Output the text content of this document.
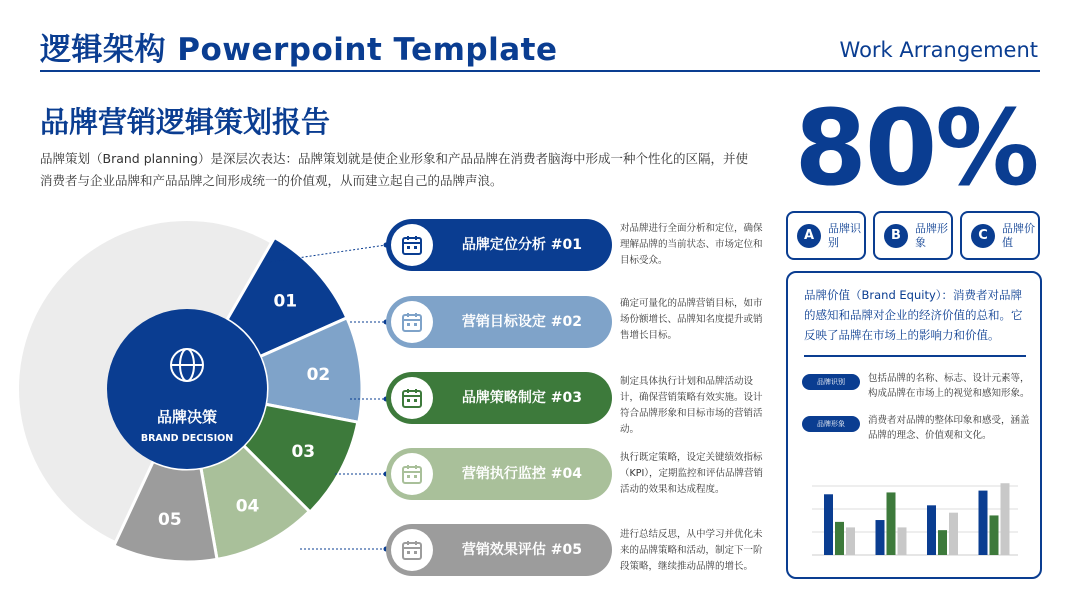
逻辑架构 Powerpoint Template	Work Arrangement
品牌营销逻辑策划报告

品牌策划（Brand planning）是深层次表达：品牌策划就是使企业形象和产品品牌在消费者脑海中形成一种个性化的区隔，并使消费者与企业品牌和产品品牌之间形成统一的价值观，从而建立起自己的品牌声浪。

01
02
03
04
05
品牌决策
BRAND DECISION
品牌定位分析 #01

对品牌进行全面分析和定位，确保理解品牌的当前状态、市场定位和目标受众。

营销目标设定 #02

确定可量化的品牌营销目标，如市场份额增长、品牌知名度提升或销售增长目标。

品牌策略制定 #03

制定具体执行计划和品牌活动设计，确保营销策略有效实施。设计符合品牌形象和目标市场的营销活动。

营销执行监控 #04

执行既定策略，设定关键绩效指标（KPI），定期监控和评估品牌营销活动的效果和达成程度。

营销效果评估 #05

进行总结反思，从中学习并优化未来的品牌策略和活动，制定下一阶段策略，继续推动品牌的增长。

80%
A	品牌识别	B	品牌形象	C	品牌价值

品牌价值（Brand Equity）：消费者对品牌的感知和品牌对企业的经济价值的总和。它反映了品牌在市场上的影响力和价值。

品牌识别	包括品牌的名称、标志、设计元素等，构成品牌在市场上的视觉和感知形象。

品牌形象	消费者对品牌的整体印象和感受，涵盖品牌的理念、价值观和文化。
